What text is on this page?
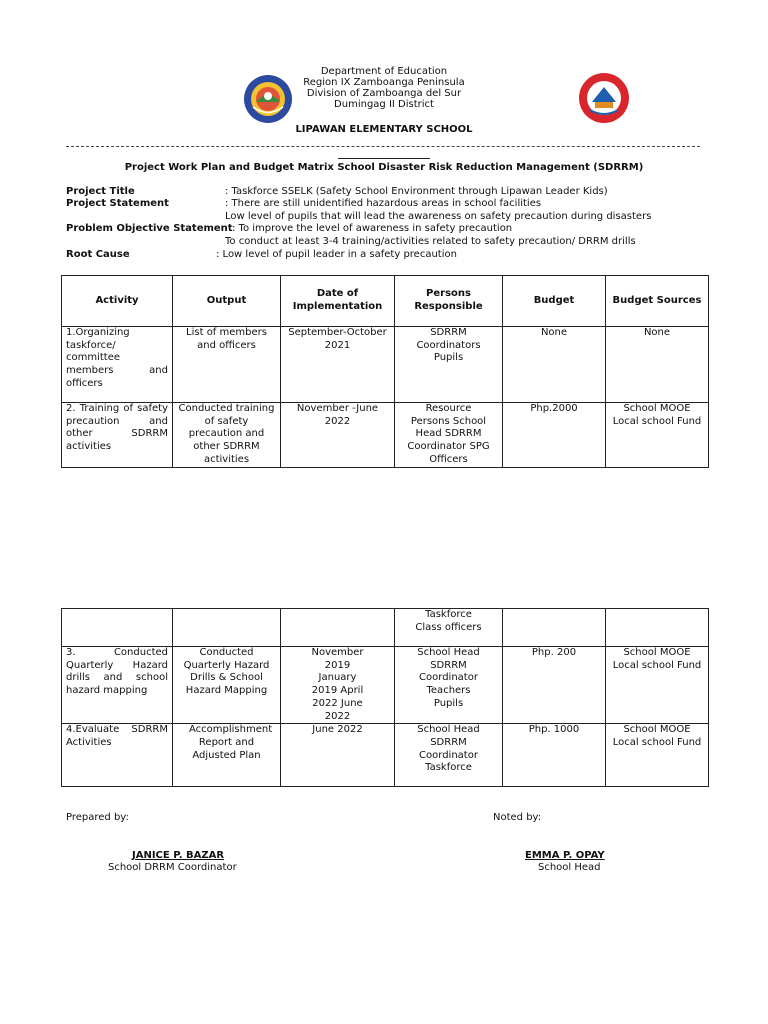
Department of Education
Region IX Zamboanga Peninsula
Division of Zamboanga del Sur
Dumingag II District
LIPAWAN ELEMENTARY SCHOOL
Project Work Plan and Budget Matrix School Disaster Risk Reduction Management (SDRRM)
Project Title	: Taskforce SSELK (Safety School Environment through Lipawan Leader Kids)
Project Statement	: There are still unidentified hazardous areas in school facilities
Low level of pupils that will lead the awareness on safety precaution during disasters
Problem Objective Statement : To improve the level of awareness in safety precaution
To conduct at least 3-4 training/activities related to safety precaution/ DRRM drills
Root Cause	: Low level of pupil leader in a safety precaution
Activity	Output	Date of Implementation	Persons Responsible	Budget	Budget Sources
1.Organizing taskforce/ committee members and officers	List of members and officers	September-October 2021	SDRRM Coordinators Pupils	None	None
2. Training of safety precaution and other SDRRM activities	Conducted training of safety precaution and other SDRRM activities	November -June 2022	Resource Persons School Head SDRRM Coordinator SPG Officers	Php.2000	School MOOE Local school Fund
			Taskforce Class officers		
3. Conducted Quarterly Hazard drills and school hazard mapping	Conducted Quarterly Hazard Drills & School Hazard Mapping	November 2019 January 2019 April 2022 June 2022	School Head SDRRM Coordinator Teachers Pupils	Php. 200	School MOOE Local school Fund
4.Evaluate SDRRM Activities	Accomplishment Report and Adjusted Plan	June 2022	School Head SDRRM Coordinator Taskforce	Php. 1000	School MOOE Local school Fund
Prepared by:
JANICE P. BAZAR
School DRRM Coordinator
Noted by:
EMMA P. OPAY
School Head
